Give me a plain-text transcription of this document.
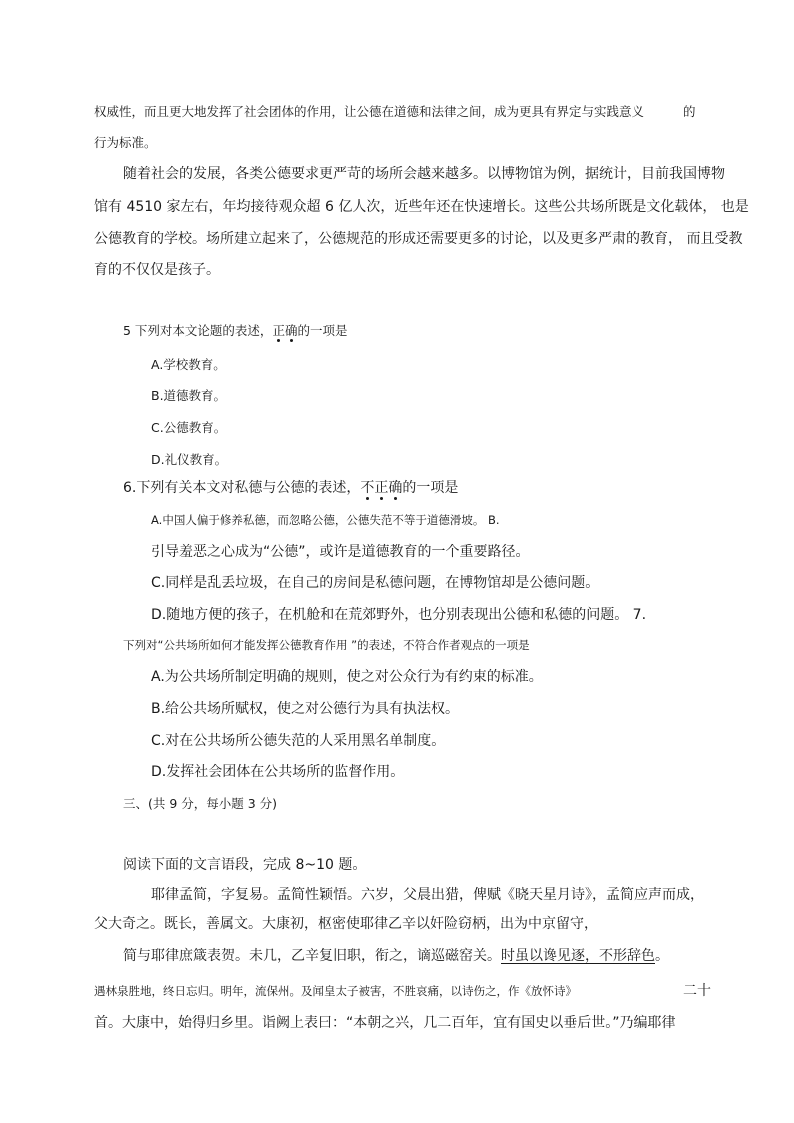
权威性，而且更大地发挥了社会团体的作用，让公德在道德和法律之间，成为更具有界定与实践意义	的
行为标准。
随着社会的发展，各类公德要求更严苛的场所会越来越多。以博物馆为例，据统计，目前我国博物
馆有 4510 家左右，年均接待观众超 6 亿人次，近些年还在快速增长。这些公共场所既是文化载体， 也是
公德教育的学校。场所建立起来了，公德规范的形成还需要更多的讨论，以及更多严肃的教育， 而且受教
育的不仅仅是孩子。
5 下列对本文论题的表述，正确的一项是
A.学校教育。
B.道德教育。
C.公德教育。
D.礼仪教育。
6.下列有关本文对私德与公德的表述，不正确的一项是
A.中国人偏于修养私德，而忽略公德，公德失范不等于道德滑坡。 B.
引导羞恶之心成为“公德”，或许是道德教育的一个重要路径。
C.同样是乱丢垃圾，在自己的房间是私德问题，在博物馆却是公德问题。
D.随地方便的孩子，在机舱和在荒郊野外，也分别表现出公德和私德的问题。 7.
下列对“公共场所如何才能发挥公德教育作用 ”的表述，不符合作者观点的一项是
A.为公共场所制定明确的规则，使之对公众行为有约束的标准。
B.给公共场所赋权，使之对公德行为具有执法权。
C.对在公共场所公德失范的人采用黑名单制度。
D.发挥社会团体在公共场所的监督作用。
三、(共 9 分，每小题 3 分)
阅读下面的文言语段，完成 8~10 题。
耶律孟简，字复易。孟简性颖悟。六岁，父晨出猎，俾赋《晓天星月诗》，孟简应声而成，
父大奇之。既长，善属文。大康初，枢密使耶律乙辛以奸险窃柄，出为中京留守，
简与耶律庶箴表贺。未几，乙辛复旧职，衔之，谪巡磁窑关。时虽以谗见逐，不形辞色。
遇林泉胜地，终日忘归。明年，流保州。及闻皇太子被害，不胜哀痛，以诗伤之，作《放怀诗》	二十
首。大康中，始得归乡里。诣阙上表曰：“本朝之兴，几二百年，宜有国史以垂后世。”乃编耶律
